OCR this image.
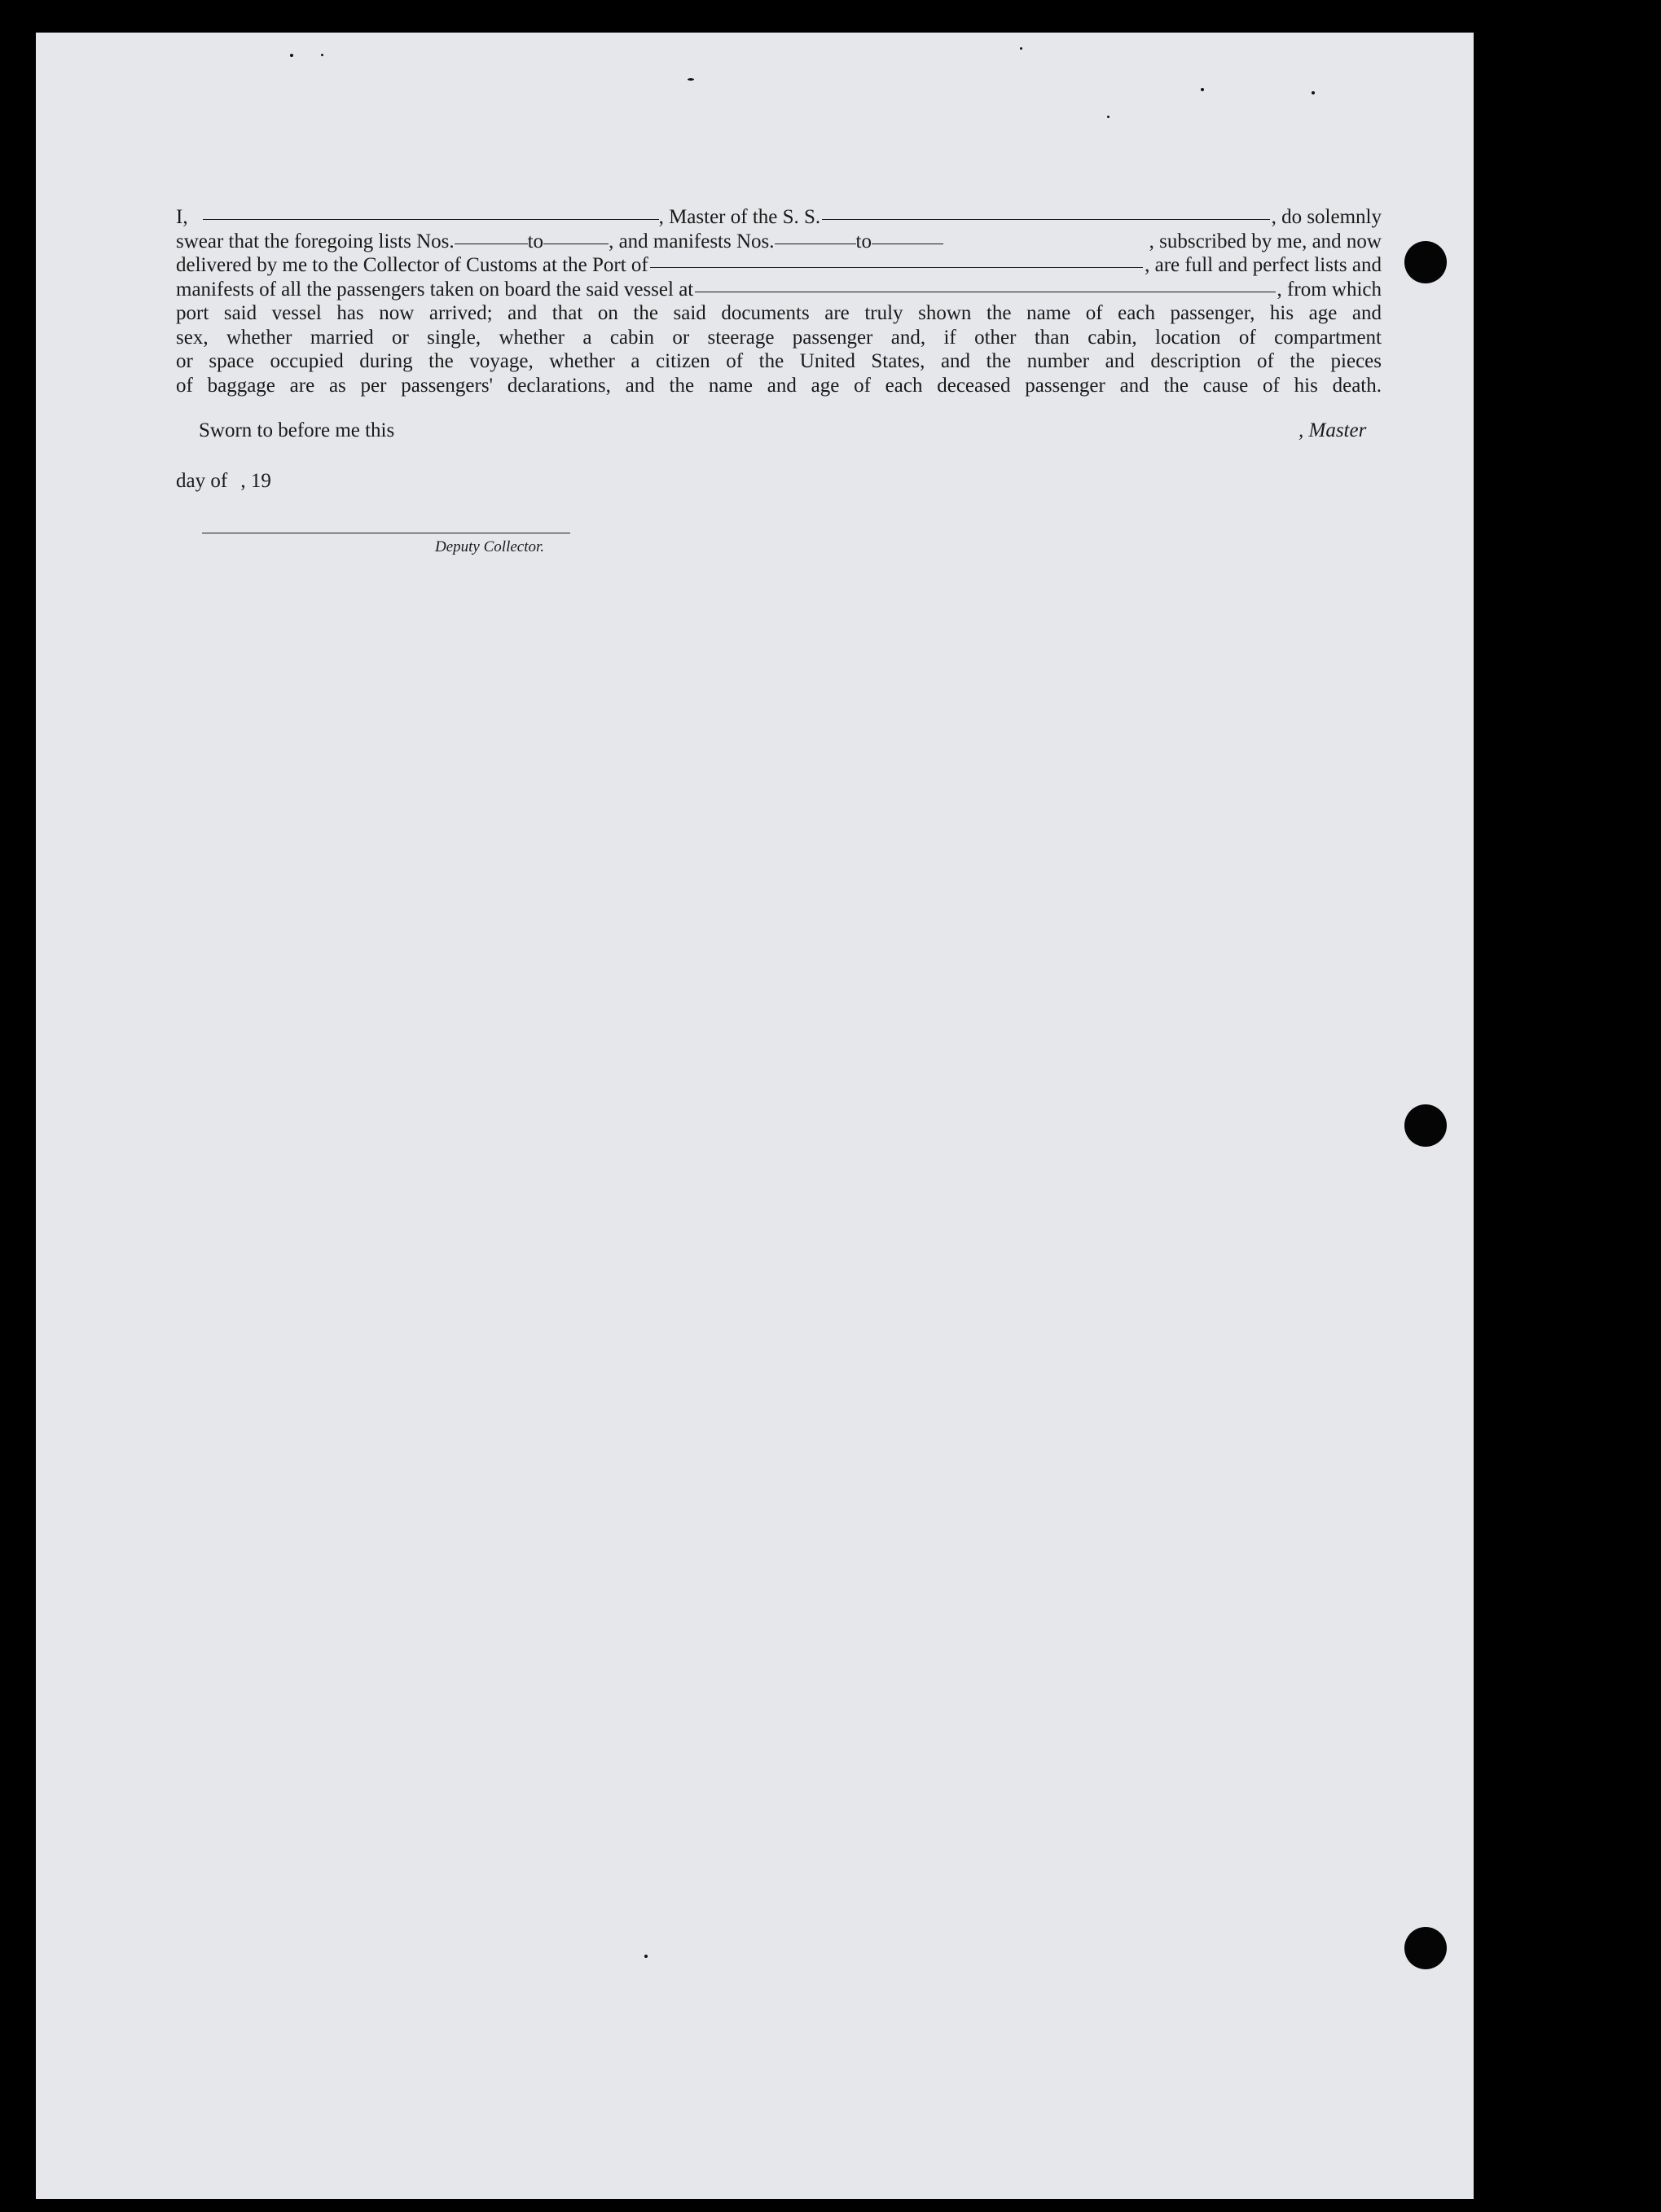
I,	, Master of the S. S.	, do solemnly
swear that the foregoing lists Nos.	to	, and manifests Nos.	to	, subscribed by me, and now
delivered by me to the Collector of Customs at the Port of	, are full and perfect lists and
manifests of all the passengers taken on board the said vessel at	, from which
port said vessel has now arrived; and that on the said documents are truly shown the name of each passenger, his age and
sex, whether married or single, whether a cabin or steerage passenger and, if other than cabin, location of compartment
or space occupied during the voyage, whether a citizen of the United States, and the number and description of the pieces
of baggage are as per passengers' declarations, and the name and age of each deceased passenger and the cause of his death.
Sworn to before me this	, Master
day of , 19
Deputy Collector.
